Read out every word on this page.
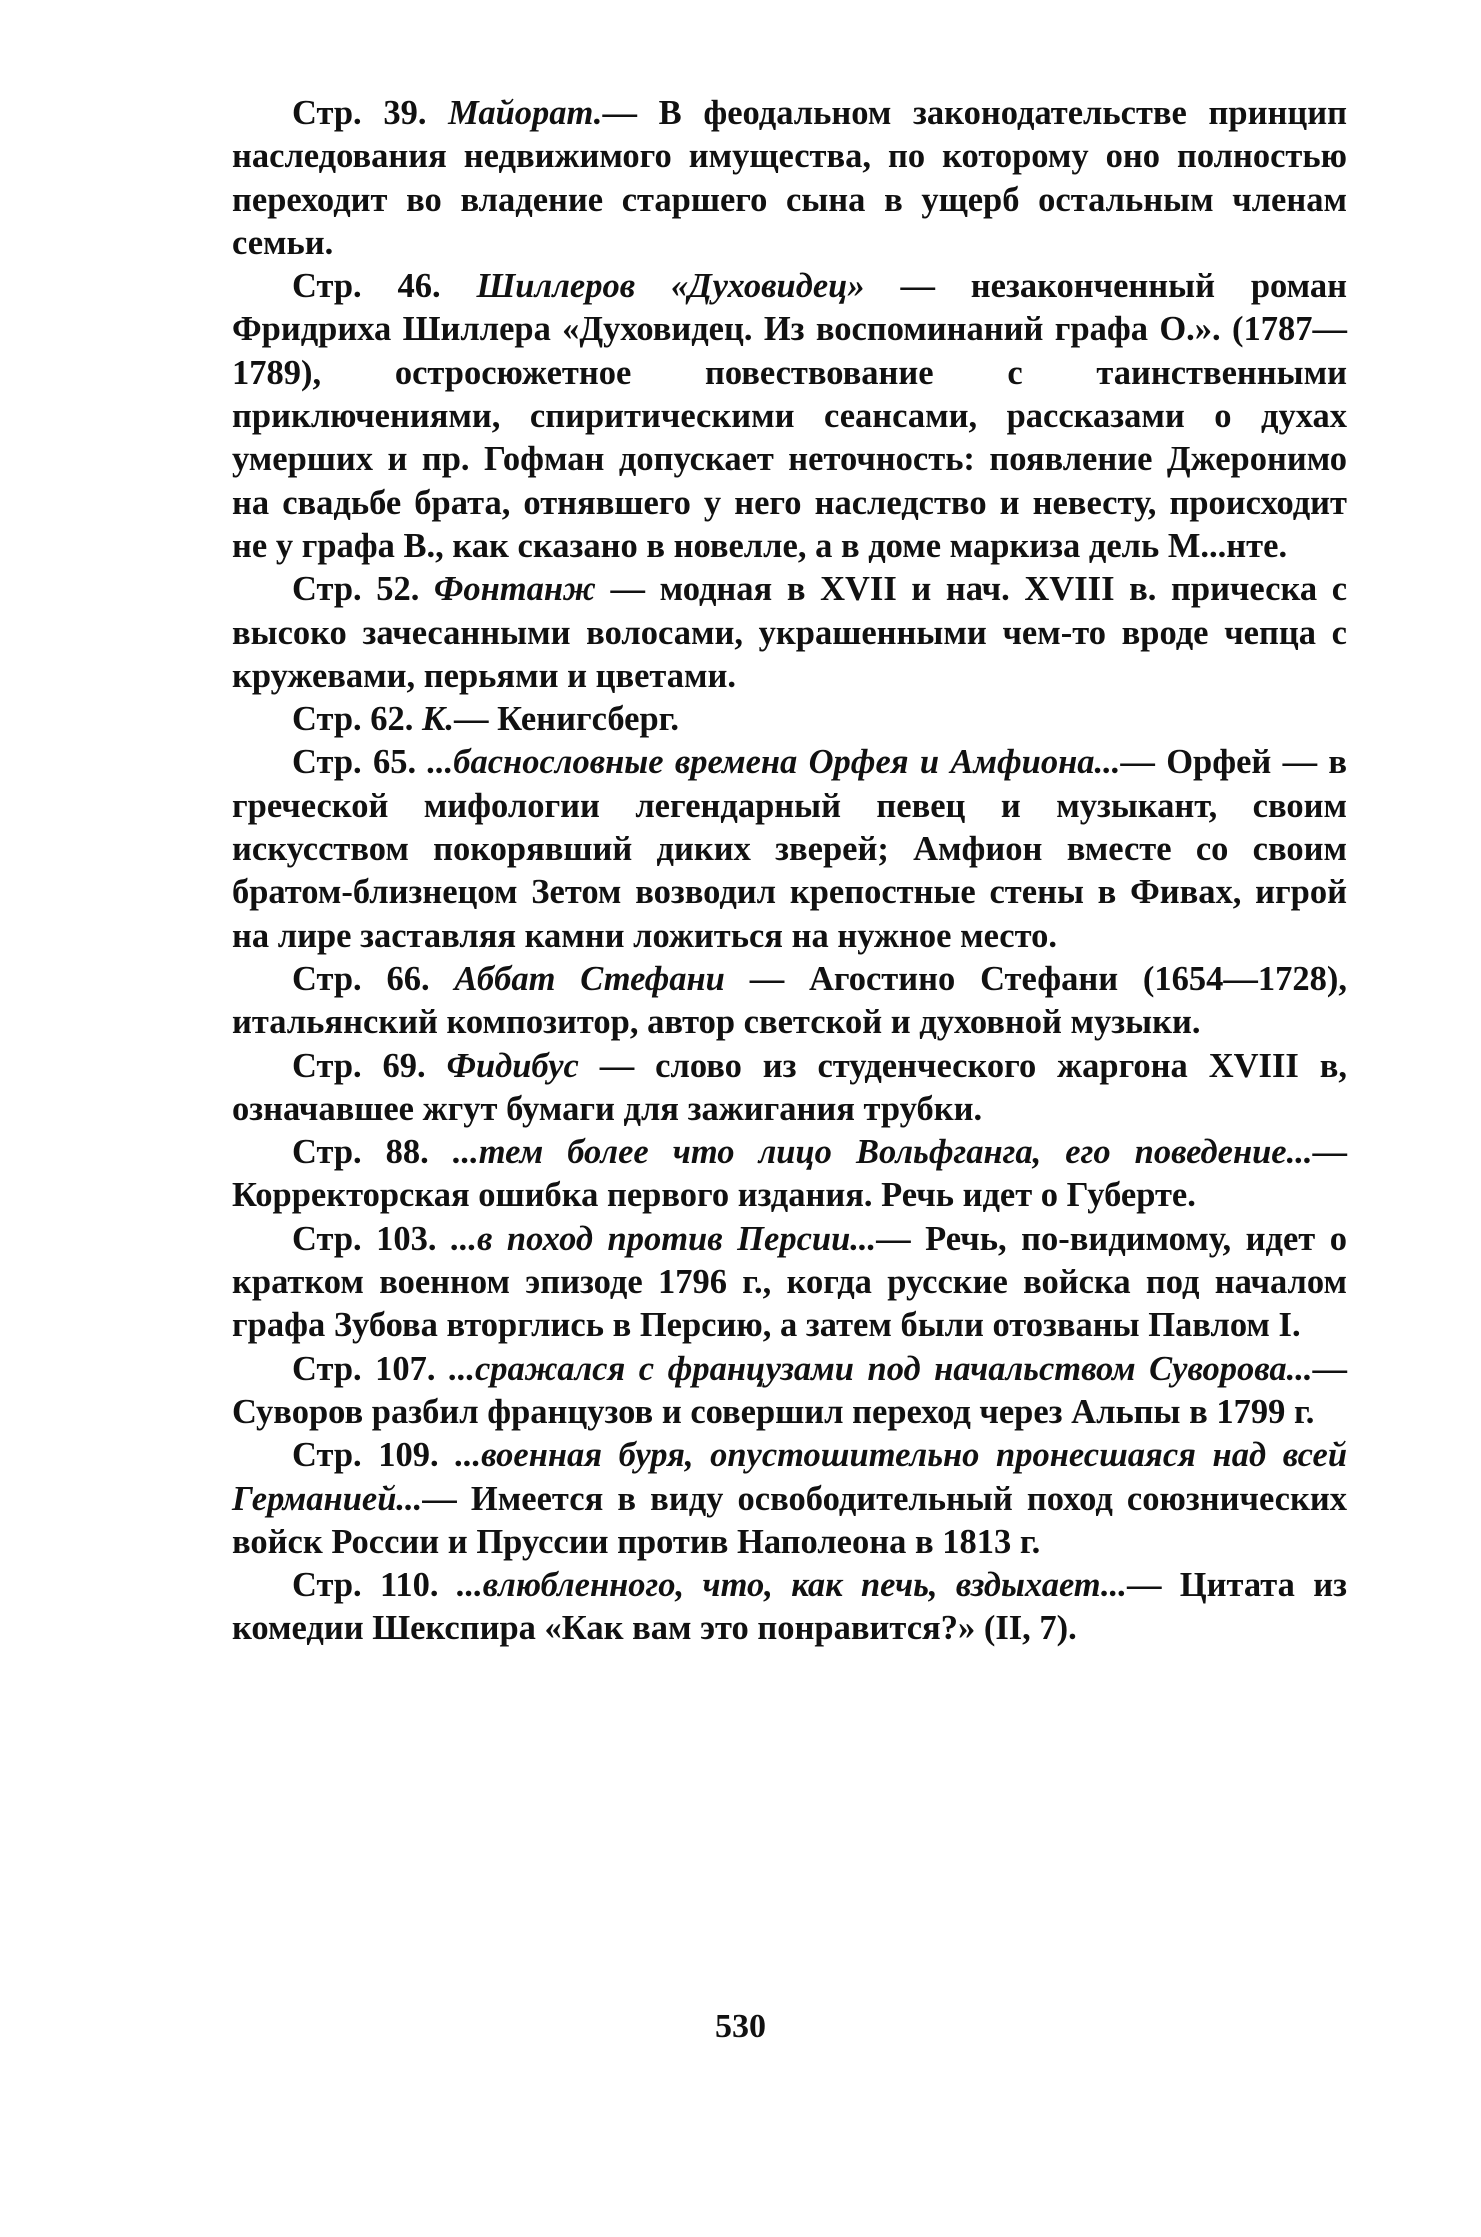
Стр. 39. Майорат.— В феодальном законодательстве принцип наследования недвижимого имущества, по которому оно полностью переходит во владение старшего сына в ущерб остальным членам семьи.

Стр. 46. Шиллеров «Духовидец» — незаконченный роман Фридриха Шиллера «Духовидец. Из воспоминаний графа О.». (1787—1789), остросюжетное повествование с таинственными приключениями, спиритическими сеансами, рассказами о духах умерших и пр. Гофман допускает неточность: появление Джеронимо на свадьбе брата, отнявшего у него наследство и невесту, происходит не у графа В., как сказано в новелле, а в доме маркиза дель М...нте.

Стр. 52. Фонтанж — модная в XVII и нач. XVIII в. прическа с высоко зачесанными волосами, украшенными чем-то вроде чепца с кружевами, перьями и цветами.

Стр. 62. К.— Кенигсберг.

Стр. 65. ...баснословные времена Орфея и Амфиона...— Орфей — в греческой мифологии легендарный певец и музыкант, своим искусством покорявший диких зверей; Амфион вместе со своим братом-близнецом Зетом возводил крепостные стены в Фивах, игрой на лире заставляя камни ложиться на нужное место.

Стр. 66. Аббат Стефани — Агостино Стефани (1654—1728), итальянский композитор, автор светской и духовной музыки.

Стр. 69. Фидибус — слово из студенческого жаргона XVIII в, означавшее жгут бумаги для зажигания трубки.

Стр. 88. ...тем более что лицо Вольфганга, его поведение...— Корректорская ошибка первого издания. Речь идет о Губерте.

Стр. 103. ...в поход против Персии...— Речь, по-видимому, идет о кратком военном эпизоде 1796 г., когда русские войска под началом графа Зубова вторглись в Персию, а затем были отозваны Павлом I.

Стр. 107. ...сражался с французами под начальством Суворова...— Суворов разбил французов и совершил переход через Альпы в 1799 г.

Стр. 109. ...военная буря, опустошительно пронесшаяся над всей Германией...— Имеется в виду освободительный поход союзнических войск России и Пруссии против Наполеона в 1813 г.

Стр. 110. ...влюбленного, что, как печь, вздыхает...— Цитата из комедии Шекспира «Как вам это понравится?» (II, 7).

530
